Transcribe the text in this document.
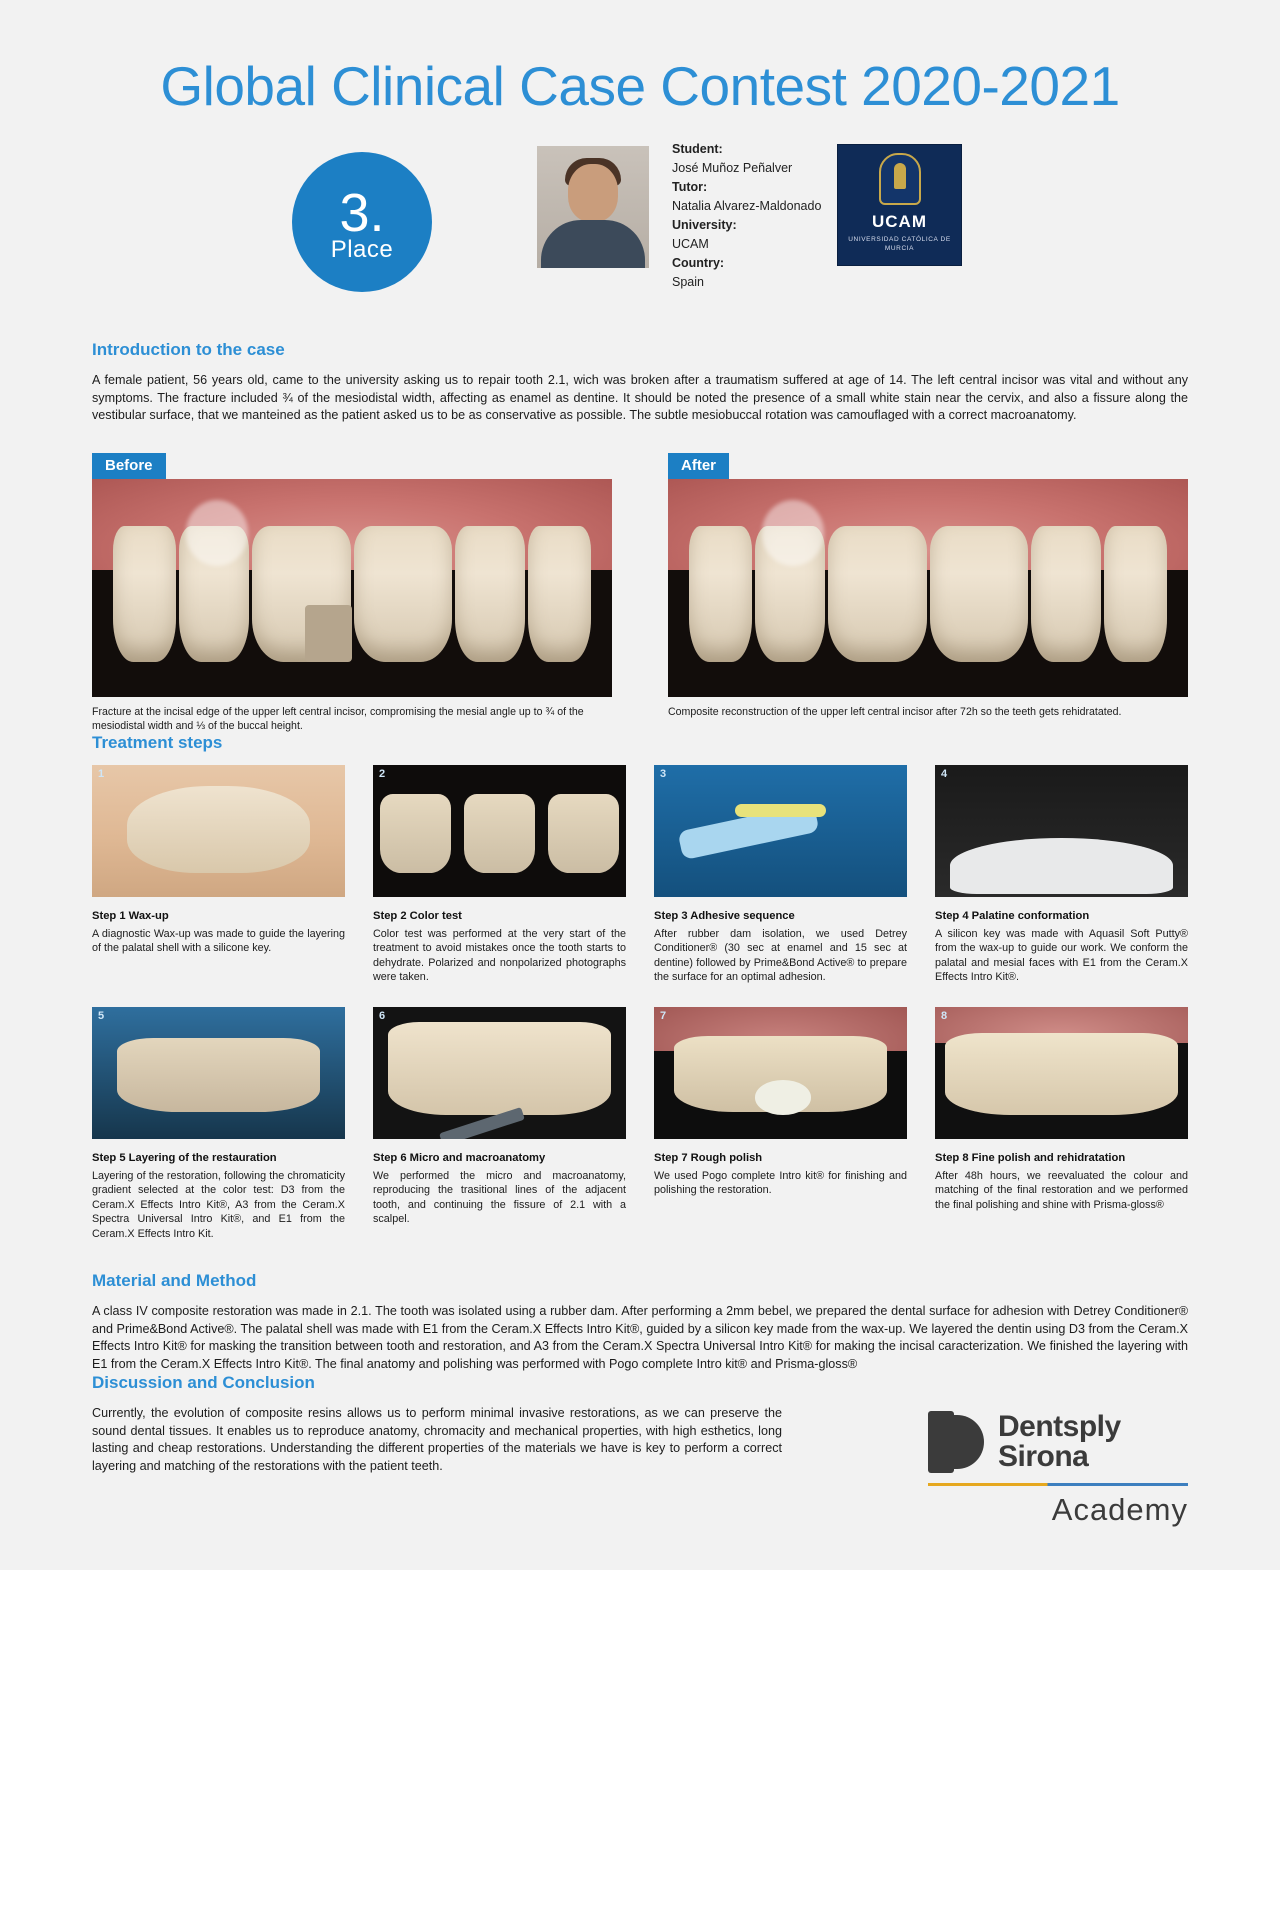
Global Clinical Case Contest 2020-2021
3.
Place
Student:
José Muñoz Peñalver
Tutor:
Natalia Alvarez-Maldonado
University:
UCAM
Country:
Spain
UCAM
UNIVERSIDAD CATÓLICA DE MURCIA
Introduction to the case

A female patient, 56 years old, came to the university asking us to repair tooth 2.1, wich was broken after a traumatism suffered at age of 14. The left central incisor was vital and without any symptoms. The fracture included ¾ of the mesiodistal width, affecting as enamel as dentine. It should be noted the presence of a small white stain near the cervix, and also a fissure along the vestibular surface, that we manteined as the patient asked us to be as conservative as possible. The subtle mesiobuccal rotation was camouflaged with a correct macroanatomy.

Before
Fracture at the incisal edge of the upper left central incisor, compromising the mesial angle up to ¾ of the mesiodistal width and ⅓ of the buccal height.
After
Composite reconstruction of the upper left central incisor after 72h so the teeth gets rehidratated.
Treatment steps
1
Step 1 Wax-up
A diagnostic Wax-up was made to guide the layering of the palatal shell with a silicone key.
2
Step 2 Color test
Color test was performed at the very start of the treatment to avoid mistakes once the tooth starts to dehydrate. Polarized and nonpolarized photographs were taken.
3
Step 3 Adhesive sequence
After rubber dam isolation, we used Detrey Conditioner® (30 sec at enamel and 15 sec at dentine) followed by Prime&Bond Active® to prepare the surface for an optimal adhesion.
4
Step 4 Palatine conformation
A silicon key was made with Aquasil Soft Putty® from the wax-up to guide our work. We conform the palatal and mesial faces with E1 from the Ceram.X Effects Intro Kit®.
5
Step 5 Layering of the restauration
Layering of the restoration, following the chromaticity gradient selected at the color test: D3 from the Ceram.X Effects Intro Kit®, A3 from the Ceram.X Spectra Universal Intro Kit®, and E1 from the Ceram.X Effects Intro Kit.
6
Step 6 Micro and macroanatomy
We performed the micro and macroanatomy, reproducing the trasitional lines of the adjacent tooth, and continuing the fissure of 2.1 with a scalpel.
7
Step 7 Rough polish
We used Pogo complete Intro kit® for finishing and polishing the restoration.
8
Step 8 Fine polish and rehidratation
After 48h hours, we reevaluated the colour and matching of the final restoration and we performed the final polishing and shine with Prisma-gloss®
Material and Method

A class IV composite restoration was made in 2.1. The tooth was isolated using a rubber dam. After performing a 2mm bebel, we prepared the dental surface for adhesion with Detrey Conditioner® and Prime&Bond Active®. The palatal shell was made with E1 from the Ceram.X Effects Intro Kit®, guided by a silicon key made from the wax-up. We layered the dentin using D3 from the Ceram.X Effects Intro Kit® for masking the transition between tooth and restoration, and A3 from the Ceram.X Spectra Universal Intro Kit® for making the incisal caracterization. We finished the layering with E1 from the Ceram.X Effects Intro Kit®. The final anatomy and polishing was performed with Pogo complete Intro kit® and Prisma-gloss®

Discussion and Conclusion

Currently, the evolution of composite resins allows us to perform minimal invasive restorations, as we can preserve the sound dental tissues. It enables us to reproduce anatomy, chromacity and mechanical properties, with high esthetics, long lasting and cheap restorations. Understanding the different properties of the materials we have is key to perform a correct layering and matching of the restorations with the patient teeth.

Dentsply
Sirona
Academy
